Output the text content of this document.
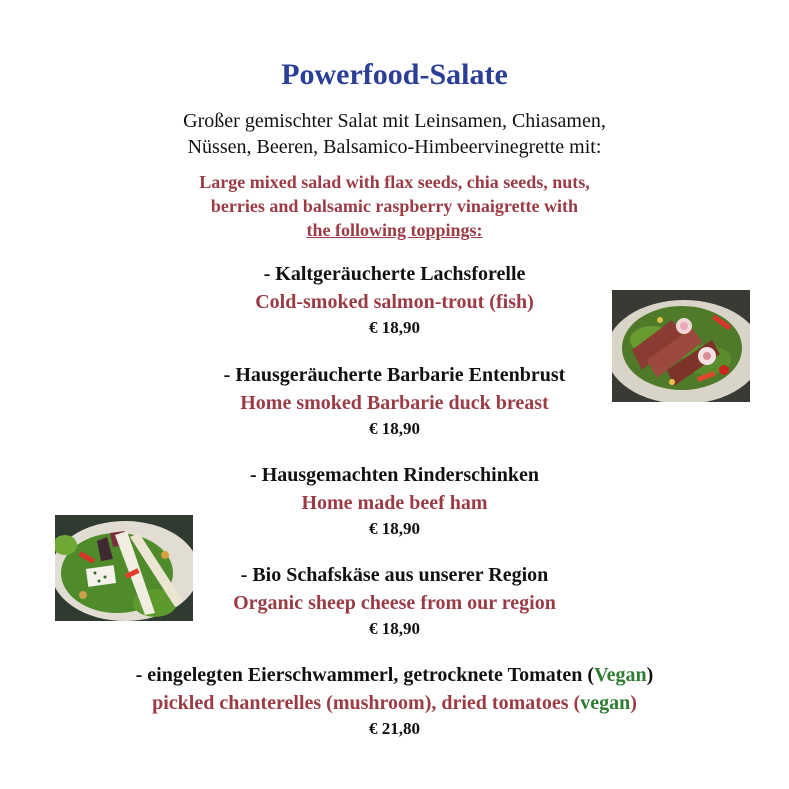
Powerfood-Salate
Großer gemischter Salat mit Leinsamen, Chiasamen,
Nüssen, Beeren, Balsamico-Himbeervinegrette mit:
Large mixed salad with flax seeds, chia seeds, nuts,
berries and balsamic raspberry vinaigrette with
the following toppings:
- Kaltgeräucherte Lachsforelle
Cold-smoked salmon-trout (fish)
€ 18,90
- Hausgeräucherte Barbarie Entenbrust
Home smoked Barbarie duck breast
€ 18,90
- Hausgemachten Rinderschinken
Home made beef ham
€ 18,90
- Bio Schafskäse aus unserer Region
Organic sheep cheese from our region
€ 18,90
- eingelegten Eierschwammerl, getrocknete Tomaten (Vegan)
pickled chanterelles (mushroom), dried tomatoes (vegan)
€ 21,80
